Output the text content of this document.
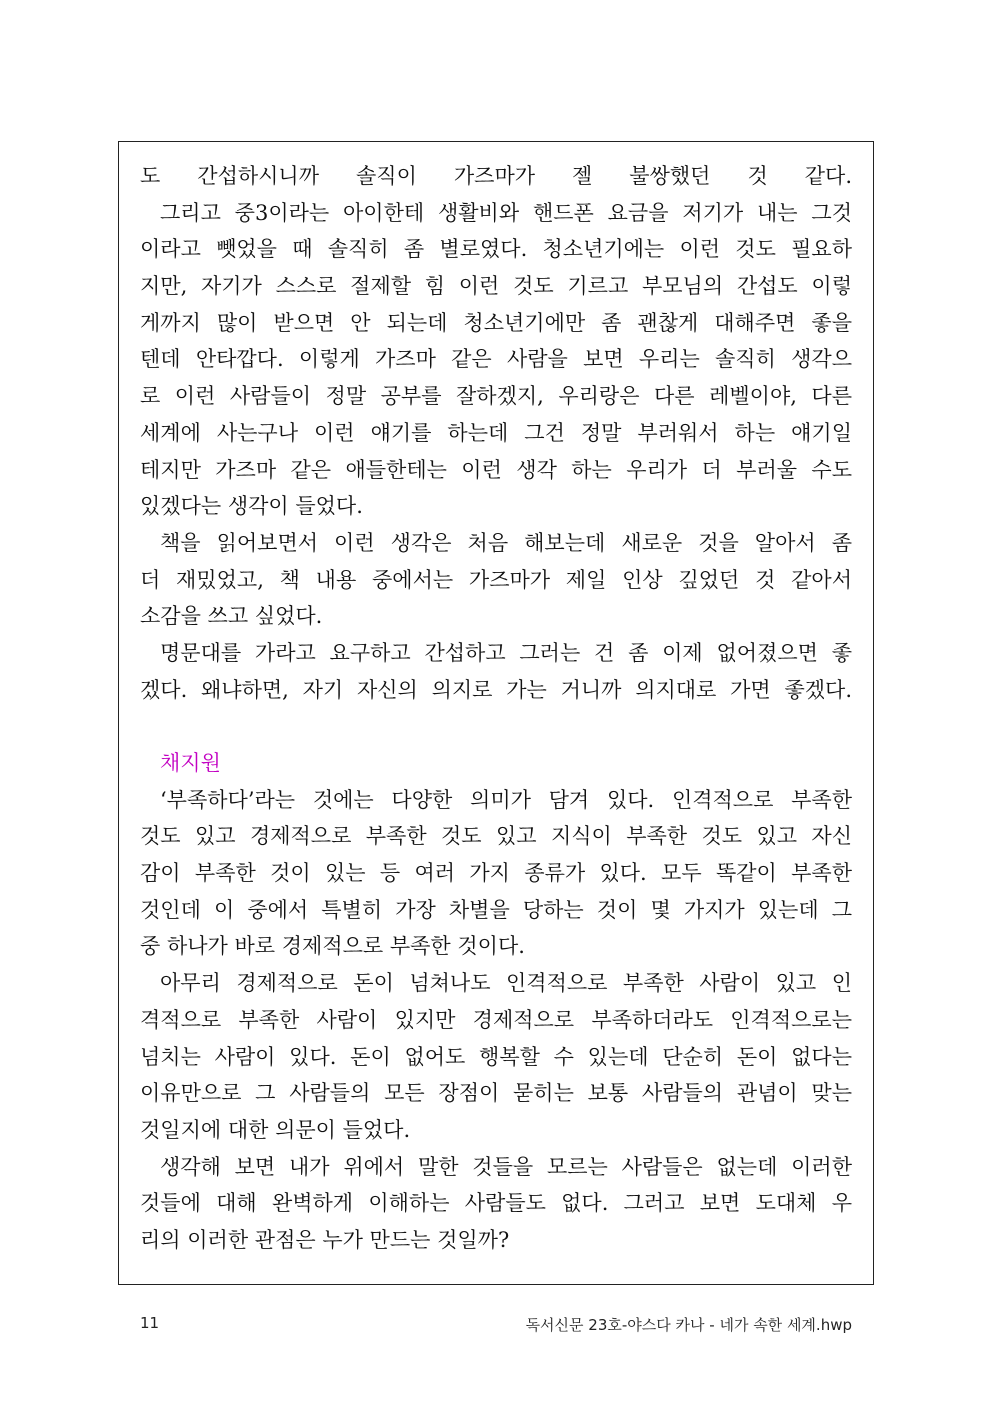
도 간섭하시니까 솔직이 가즈마가 젤 불쌍했던 것 같다.
그리고 중3이라는 아이한테 생활비와 핸드폰 요금을 저기가 내는 그것
이라고 뺏었을 때 솔직히 좀 별로였다. 청소년기에는 이런 것도 필요하
지만, 자기가 스스로 절제할 힘 이런 것도 기르고 부모님의 간섭도 이렇
게까지 많이 받으면 안 되는데 청소년기에만 좀 괜찮게 대해주면 좋을
텐데 안타깝다. 이렇게 가즈마 같은 사람을 보면 우리는 솔직히 생각으
로 이런 사람들이 정말 공부를 잘하겠지, 우리랑은 다른 레벨이야, 다른
세계에 사는구나 이런 얘기를 하는데 그건 정말 부러워서 하는 얘기일
테지만 가즈마 같은 애들한테는 이런 생각 하는 우리가 더 부러울 수도
있겠다는 생각이 들었다.
책을 읽어보면서 이런 생각은 처음 해보는데 새로운 것을 알아서 좀
더 재밌었고, 책 내용 중에서는 가즈마가 제일 인상 깊었던 것 같아서
소감을 쓰고 싶었다.
명문대를 가라고 요구하고 간섭하고 그러는 건 좀 이제 없어졌으면 좋
겠다. 왜냐하면, 자기 자신의 의지로 가는 거니까 의지대로 가면 좋겠다.
채지원
‘부족하다’라는 것에는 다양한 의미가 담겨 있다. 인격적으로 부족한
것도 있고 경제적으로 부족한 것도 있고 지식이 부족한 것도 있고 자신
감이 부족한 것이 있는 등 여러 가지 종류가 있다. 모두 똑같이 부족한
것인데 이 중에서 특별히 가장 차별을 당하는 것이 몇 가지가 있는데 그
중 하나가 바로 경제적으로 부족한 것이다.
아무리 경제적으로 돈이 넘쳐나도 인격적으로 부족한 사람이 있고 인
격적으로 부족한 사람이 있지만 경제적으로 부족하더라도 인격적으로는
넘치는 사람이 있다. 돈이 없어도 행복할 수 있는데 단순히 돈이 없다는
이유만으로 그 사람들의 모든 장점이 묻히는 보통 사람들의 관념이 맞는
것일지에 대한 의문이 들었다.
생각해 보면 내가 위에서 말한 것들을 모르는 사람들은 없는데 이러한
것들에 대해 완벽하게 이해하는 사람들도 없다. 그러고 보면 도대체 우
리의 이러한 관점은 누가 만드는 것일까?
11	독서신문 23호-야스다 카나 - 네가 속한 세계.hwp
